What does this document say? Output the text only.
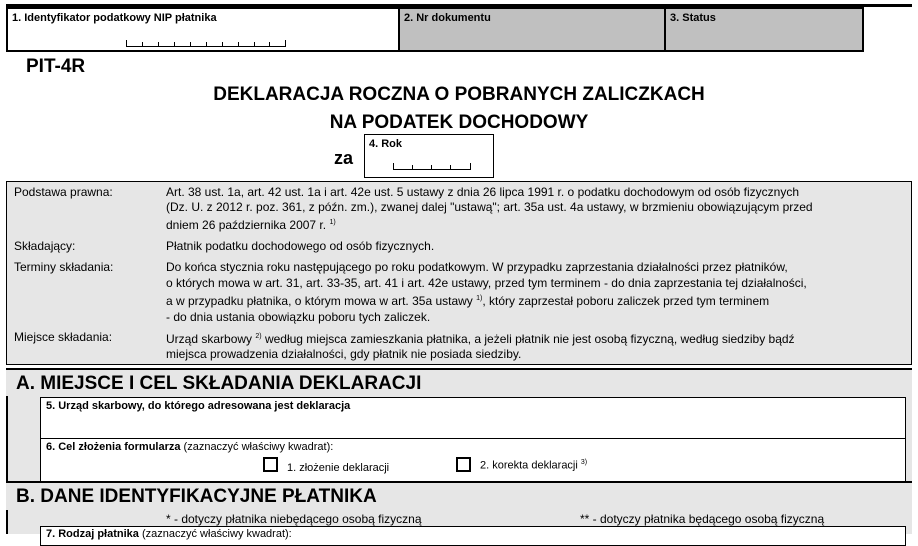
1. Identyfikator podatkowy NIP płatnika	2. Nr dokumentu	3. Status
PIT-4R
DEKLARACJA ROCZNA O POBRANYCH ZALICZKACH
NA PODATEK DOCHODOWY
za
4. Rok
Podstawa prawna:	Art. 38 ust. 1a, art. 42 ust. 1a i art. 42e ust. 5 ustawy z dnia 26 lipca 1991 r. o podatku dochodowym od osób fizycznych
(Dz. U. z 2012 r. poz. 361, z późn. zm.), zwanej dalej "ustawą"; art. 35a ust. 4a ustawy, w brzmieniu obowiązującym przed
dniem 26 października 2007 r. $^{1)}$
Składający:	Płatnik podatku dochodowego od osób fizycznych.
Terminy składania:	Do końca stycznia roku następującego po roku podatkowym. W przypadku zaprzestania działalności przez płatników,
o których mowa w art. 31, art. 33-35, art. 41 i art. 42e ustawy, przed tym terminem - do dnia zaprzestania tej działalności,
a w przypadku płatnika, o którym mowa w art. 35a ustawy $^{1)}$, który zaprzestał poboru zaliczek przed tym terminem
- do dnia ustania obowiązku poboru tych zaliczek.
Miejsce składania:	Urząd skarbowy $^{2)}$ według miejsca zamieszkania płatnika, a jeżeli płatnik nie jest osobą fizyczną, według siedziby bądź
miejsca prowadzenia działalności, gdy płatnik nie posiada siedziby.
A. MIEJSCE I CEL SKŁADANIA DEKLARACJI
5. Urząd skarbowy, do którego adresowana jest deklaracja
6. Cel złożenia formularza (zaznaczyć właściwy kwadrat):
1. złożenie deklaracji	2. korekta deklaracji $^{3)}$
B. DANE IDENTYFIKACYJNE PŁATNIKA
* - dotyczy płatnika niebędącego osobą fizyczną	** - dotyczy płatnika będącego osobą fizyczną
7. Rodzaj płatnika (zaznaczyć właściwy kwadrat):
